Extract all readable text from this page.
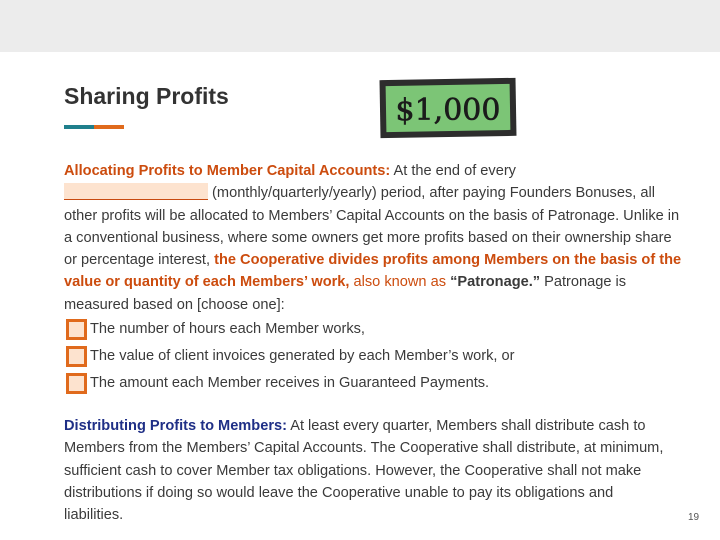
Sharing Profits	$1,000
Allocating Profits to Member Capital Accounts: At the end of every
(monthly/quarterly/yearly) period, after paying Founders Bonuses, all other profits will be allocated to Members’ Capital Accounts on the basis of Patronage. Unlike in a conventional business, where some owners get more profits based on their ownership share or percentage interest, the Cooperative divides profits among Members on the basis of the value or quantity of each Members’ work, also known as “Patronage.” Patronage is measured based on [choose one]:
The number of hours each Member works,
The value of client invoices generated by each Member’s work, or
The amount each Member receives in Guaranteed Payments.
Distributing Profits to Members: At least every quarter, Members shall distribute cash to Members from the Members’ Capital Accounts. The Cooperative shall distribute, at minimum, sufficient cash to cover Member tax obligations. However, the Cooperative shall not make distributions if doing so would leave the Cooperative unable to pay its obligations and liabilities.	19
